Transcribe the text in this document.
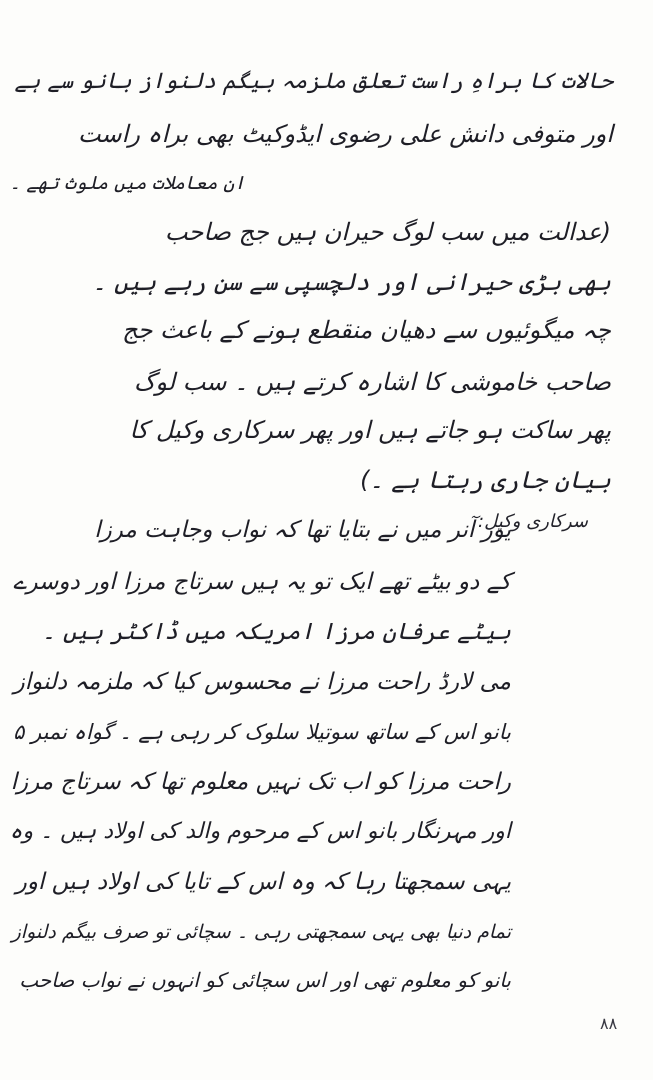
حالات کا براہِ راست تعلق ملزمہ بیگم دلنواز بانو سے ہے
اور متوفی دانش علی رضوی ایڈوکیٹ بھی براہ راست
ان معاملات میں ملوث تھے ۔
(عدالت میں سب لوگ حیران ہیں جج صاحب
بھی بڑی حیرانی اور دلچسپی سے سن رہے ہیں ۔
چہ میگوئیوں سے دھیان منقطع ہونے کے باعث جج
صاحب خاموشی کا اشارہ کرتے ہیں ۔ سب لوگ
پھر ساکت ہو جاتے ہیں اور پھر سرکاری وکیل کا
بیان جاری رہتا ہے ۔)
سرکاری وکیل:
یور آنر میں نے بتایا تھا کہ نواب وجاہت مرزا
کے دو بیٹے تھے ایک تو یہ ہیں سرتاج مرزا اور دوسرے
بیٹے عرفان مرزا امریکہ میں ڈاکٹر ہیں ۔
می لارڈ راحت مرزا نے محسوس کیا کہ ملزمہ دلنواز
بانو اس کے ساتھ سوتیلا سلوک کر رہی ہے ۔ گواہ نمبر ۵
راحت مرزا کو اب تک نہیں معلوم تھا کہ سرتاج مرزا
اور مہرنگار بانو اس کے مرحوم والد کی اولاد ہیں ۔ وہ
یہی سمجھتا رہا کہ وہ اس کے تایا کی اولاد ہیں اور
تمام دنیا بھی یہی سمجھتی رہی ۔ سچائی تو صرف بیگم دلنواز
بانو کو معلوم تھی اور اس سچائی کو انہوں نے نواب صاحب
۸۸
